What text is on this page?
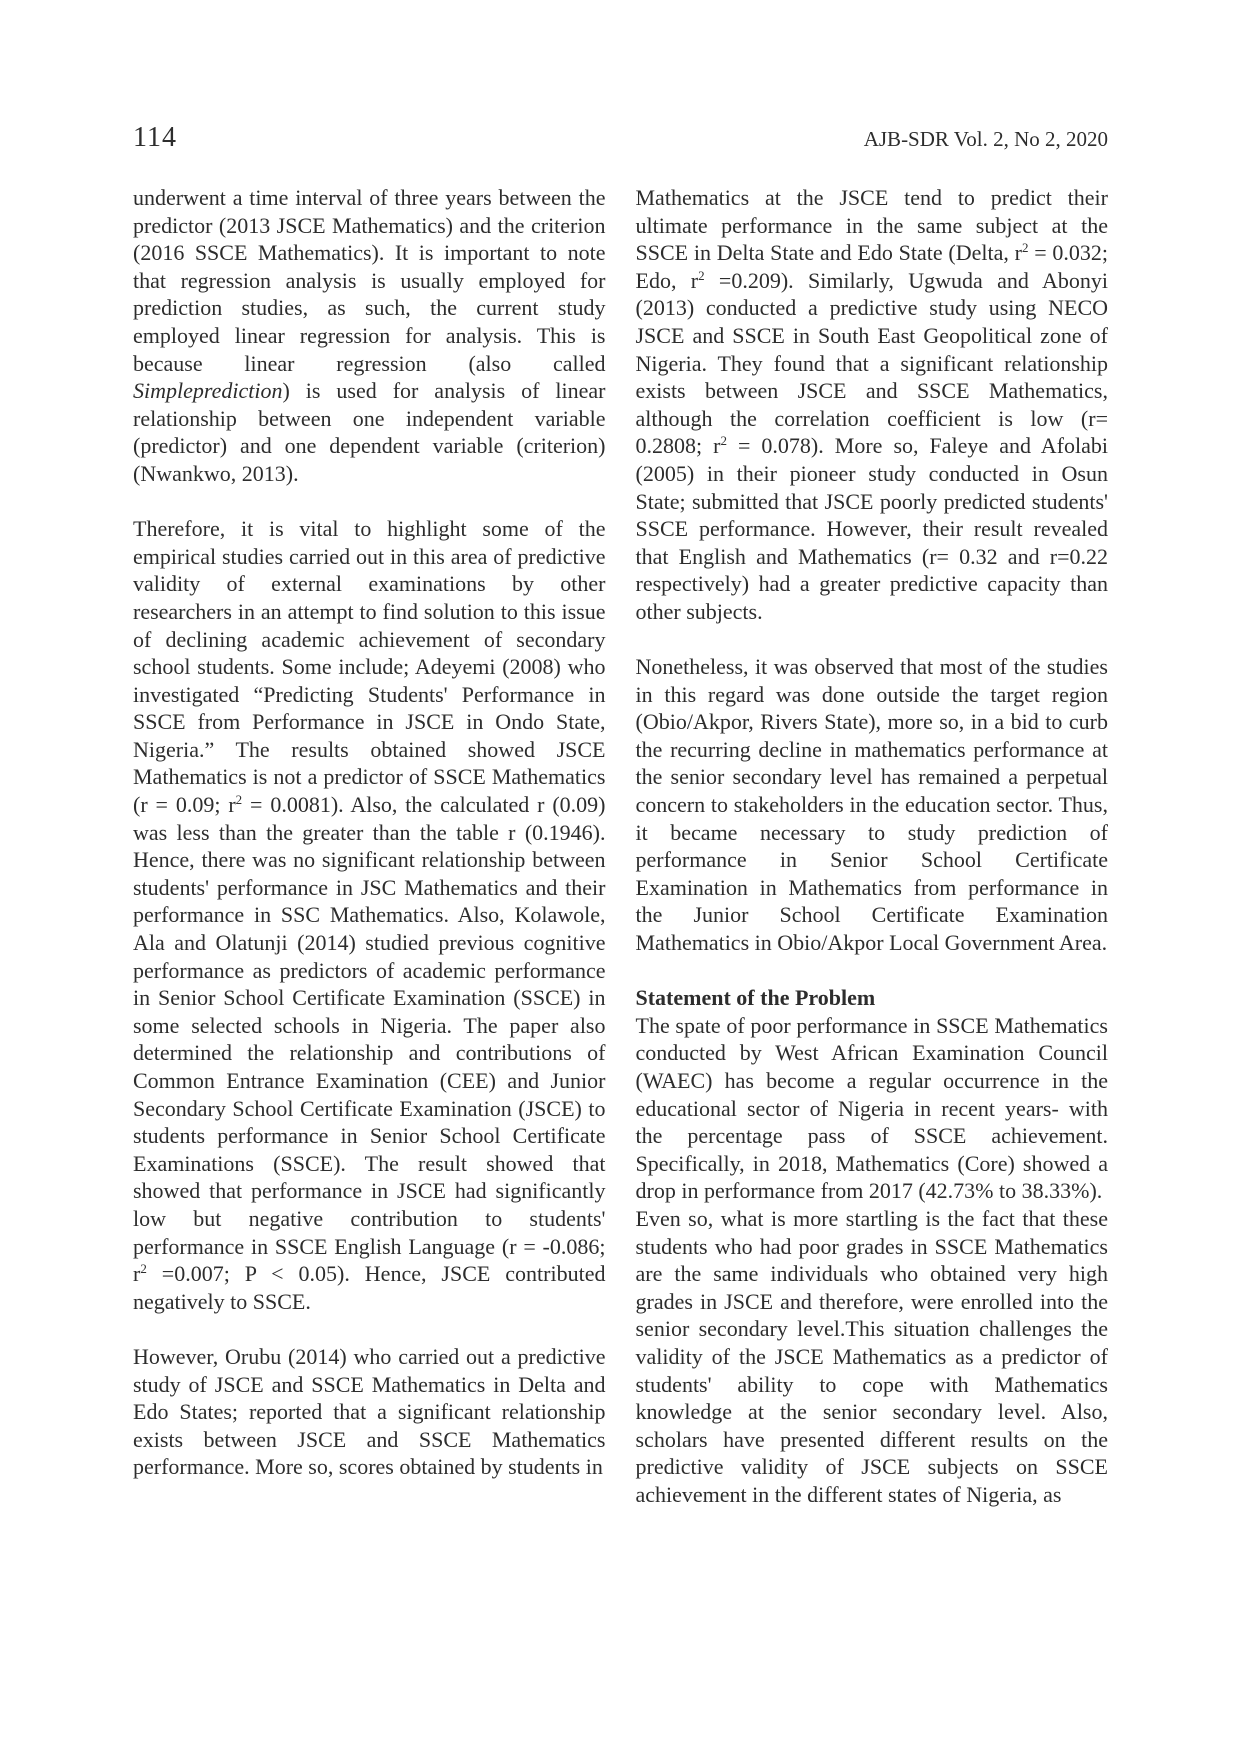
114	AJB-SDR Vol. 2, No 2, 2020

underwent a time interval of three years between the predictor (2013 JSCE Mathematics) and the criterion (2016 SSCE Mathematics). It is important to note that regression analysis is usually employed for prediction studies, as such, the current study employed linear regression for analysis. This is because linear regression (also called Simpleprediction) is used for analysis of linear relationship between one independent variable (predictor) and one dependent variable (criterion) (Nwankwo, 2013).

Therefore, it is vital to highlight some of the empirical studies carried out in this area of predictive validity of external examinations by other researchers in an attempt to find solution to this issue of declining academic achievement of secondary school students. Some include; Adeyemi (2008) who investigated “Predicting Students' Performance in SSCE from Performance in JSCE in Ondo State, Nigeria.” The results obtained showed JSCE Mathematics is not a predictor of SSCE Mathematics (r = 0.09; $r^2 = 0.0081$). Also, the calculated r (0.09) was less than the greater than the table r (0.1946). Hence, there was no significant relationship between students' performance in JSC Mathematics and their performance in SSC Mathematics. Also, Kolawole, Ala and Olatunji (2014) studied previous cognitive performance as predictors of academic performance in Senior School Certificate Examination (SSCE) in some selected schools in Nigeria. The paper also determined the relationship and contributions of Common Entrance Examination (CEE) and Junior Secondary School Certificate Examination (JSCE) to students performance in Senior School Certificate Examinations (SSCE). The result showed that showed that performance in JSCE had significantly low but negative contribution to students' performance in SSCE English Language (r = -0.086; $r^2 =0.007$; P < 0.05). Hence, JSCE contributed negatively to SSCE.

However, Orubu (2014) who carried out a predictive study of JSCE and SSCE Mathematics in Delta and Edo States; reported that a significant relationship exists between JSCE and SSCE Mathematics performance. More so, scores obtained by students in

Mathematics at the JSCE tend to predict their ultimate performance in the same subject at the SSCE in Delta State and Edo State (Delta, $r^2 = 0.032$; Edo, $r^2 =0.209$). Similarly, Ugwuda and Abonyi (2013) conducted a predictive study using NECO JSCE and SSCE in South East Geopolitical zone of Nigeria. They found that a significant relationship exists between JSCE and SSCE Mathematics, although the correlation coefficient is low (r= 0.2808; $r^2 = 0.078$). More so, Faleye and Afolabi (2005) in their pioneer study conducted in Osun State; submitted that JSCE poorly predicted students' SSCE performance. However, their result revealed that English and Mathematics (r= 0.32 and r=0.22 respectively) had a greater predictive capacity than other subjects.

Nonetheless, it was observed that most of the studies in this regard was done outside the target region (Obio/Akpor, Rivers State), more so, in a bid to curb the recurring decline in mathematics performance at the senior secondary level has remained a perpetual concern to stakeholders in the education sector. Thus, it became necessary to study prediction of performance in Senior School Certificate Examination in Mathematics from performance in the Junior School Certificate Examination Mathematics in Obio/Akpor Local Government Area.

Statement of the Problem

The spate of poor performance in SSCE Mathematics conducted by West African Examination Council (WAEC) has become a regular occurrence in the educational sector of Nigeria in recent years- with the percentage pass of SSCE achievement. Specifically, in 2018, Mathematics (Core) showed a drop in performance from 2017 (42.73% to 38.33%).

Even so, what is more startling is the fact that these students who had poor grades in SSCE Mathematics are the same individuals who obtained very high grades in JSCE and therefore, were enrolled into the senior secondary level.This situation challenges the validity of the JSCE Mathematics as a predictor of students' ability to cope with Mathematics knowledge at the senior secondary level. Also, scholars have presented different results on the predictive validity of JSCE subjects on SSCE achievement in the different states of Nigeria, as
